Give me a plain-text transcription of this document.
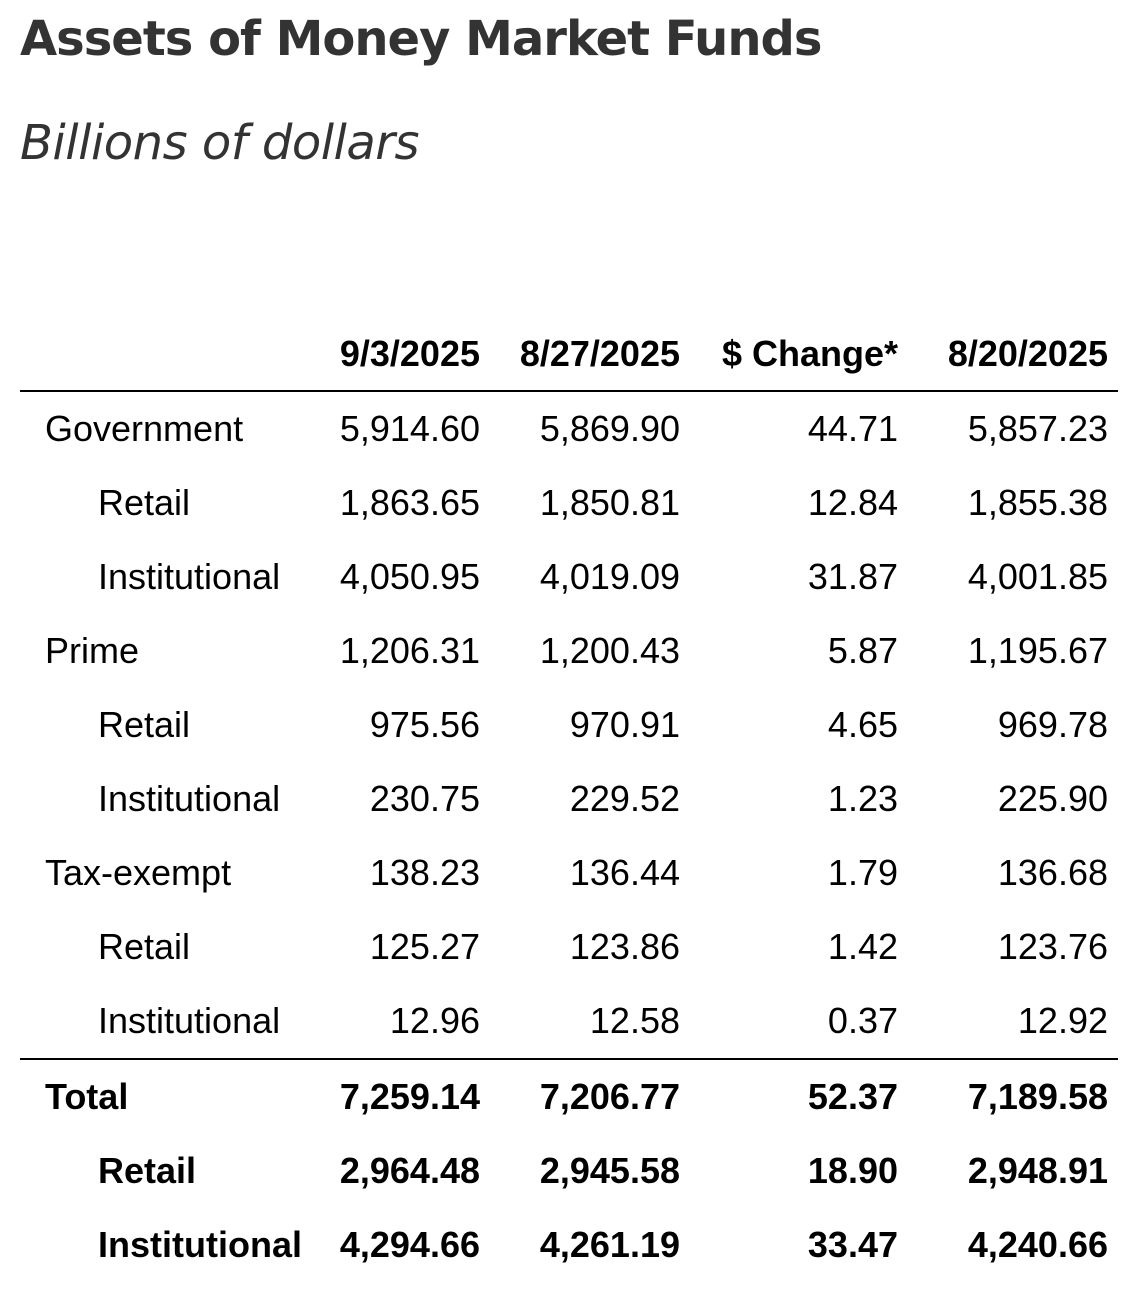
Assets of Money Market Funds
Billions of dollars
	9/3/2025	8/27/2025	$ Change*	8/20/2025
Government	5,914.60	5,869.90	44.71	5,857.23
Retail	1,863.65	1,850.81	12.84	1,855.38
Institutional	4,050.95	4,019.09	31.87	4,001.85
Prime	1,206.31	1,200.43	5.87	1,195.67
Retail	975.56	970.91	4.65	969.78
Institutional	230.75	229.52	1.23	225.90
Tax-exempt	138.23	136.44	1.79	136.68
Retail	125.27	123.86	1.42	123.76
Institutional	12.96	12.58	0.37	12.92
Total	7,259.14	7,206.77	52.37	7,189.58
Retail	2,964.48	2,945.58	18.90	2,948.91
Institutional	4,294.66	4,261.19	33.47	4,240.66
